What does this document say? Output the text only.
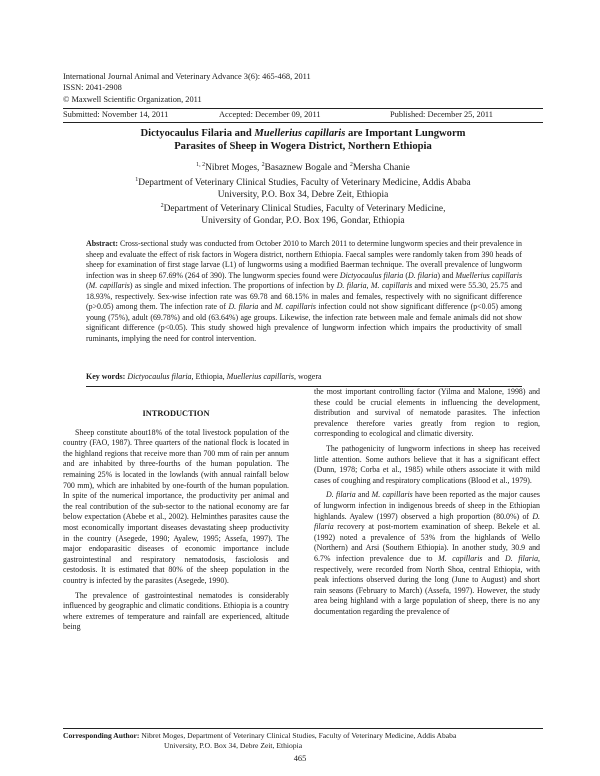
International Journal Animal and Veterinary Advance 3(6): 465-468, 2011
ISSN: 2041-2908
© Maxwell Scientific Organization, 2011
Submitted: November 14, 2011	Accepted: December 09, 2011	Published: December 25, 2011
Dictyocaulus Filaria and Muellerius capillaris are Important Lungworm
Parasites of Sheep in Wogera District, Northern Ethiopia
$^{1, 2}$Nibret Moges, $^2$Basaznew Bogale and $^2$Mersha Chanie
$^1$Department of Veterinary Clinical Studies, Faculty of Veterinary Medicine, Addis Ababa
University, P.O. Box 34, Debre Zeit, Ethiopia
$^2$Department of Veterinary Clinical Studies, Faculty of Veterinary Medicine,
University of Gondar, P.O. Box 196, Gondar, Ethiopia
Abstract: Cross-sectional study was conducted from October 2010 to March 2011 to determine lungworm species and their prevalence in sheep and evaluate the effect of risk factors in Wogera district, northern Ethiopia. Faecal samples were randomly taken from 390 heads of sheep for examination of first stage larvae (L1) of lungworms using a modified Baerman technique. The overall prevalence of lungworm infection was in sheep 67.69% (264 of 390). The lungworm species found were Dictyocaulus filaria (D. filaria) and Muellerius capillaris (M. capillaris) as single and mixed infection. The proportions of infection by D. filaria, M. capillaris and mixed were 55.30, 25.75 and 18.93%, respectively. Sex-wise infection rate was 69.78 and 68.15% in males and females, respectively with no significant difference (p>0.05) among them. The infection rate of D. filaria and M. capillaris infection could not show significant difference (p<0.05) among young (75%), adult (69.78%) and old (63.64%) age groups. Likewise, the infection rate between male and female animals did not show significant difference (p<0.05). This study showed high prevalence of lungworm infection which impairs the productivity of small ruminants, implying the need for control intervention.
Key words: Dictyocaulus filaria, Ethiopia, Muellerius capillaris, wogera
INTRODUCTION

Sheep constitute about18% of the total livestock population of the country (FAO, 1987). Three quarters of the national flock is located in the highland regions that receive more than 700 mm of rain per annum and are inhabited by three-fourths of the human population. The remaining 25% is located in the lowlands (with annual rainfall below 700 mm), which are inhabited by one-fourth of the human population. In spite of the numerical importance, the productivity per animal and the real contribution of the sub-sector to the national economy are far below expectation (Abebe et al., 2002). Helminthes parasites cause the most economically important diseases devastating sheep productivity in the country (Asegede, 1990; Ayalew, 1995; Assefa, 1997). The major endoparasitic diseases of economic importance include gastrointestinal and respiratory nematodosis, fasciolosis and cestodosis. It is estimated that 80% of the sheep population in the country is infected by the parasites (Asegede, 1990).

The prevalence of gastrointestinal nematodes is considerably influenced by geographic and climatic conditions. Ethiopia is a country where extremes of temperature and rainfall are experienced, altitude being

the most important controlling factor (Yilma and Malone, 1998) and these could be crucial elements in influencing the development, distribution and survival of nematode parasites. The infection prevalence therefore varies greatly from region to region, corresponding to ecological and climatic diversity.

The pathogenicity of lungworm infections in sheep has received little attention. Some authors believe that it has a significant effect (Dunn, 1978; Corba et al., 1985) while others associate it with mild cases of coughing and respiratory complications (Blood et al., 1979).

D. filaria and M. capillaris have been reported as the major causes of lungworm infection in indigenous breeds of sheep in the Ethiopian highlands. Ayalew (1997) observed a high proportion (80.0%) of D. filaria recovery at post-mortem examination of sheep. Bekele et al. (1992) noted a prevalence of 53% from the highlands of Wello (Northern) and Arsi (Southern Ethiopia). In another study, 30.9 and 6.7% infection prevalence due to M. capillaris and D. filaria, respectively, were recorded from North Shoa, central Ethiopia, with peak infections observed during the long (June to August) and short rain seasons (February to March) (Assefa, 1997). However, the study area being highland with a large population of sheep, there is no any documentation regarding the prevalence of

Corresponding Author: Nibret Moges, Department of Veterinary Clinical Studies, Faculty of Veterinary Medicine, Addis Ababa
University, P.O. Box 34, Debre Zeit, Ethiopia
465
